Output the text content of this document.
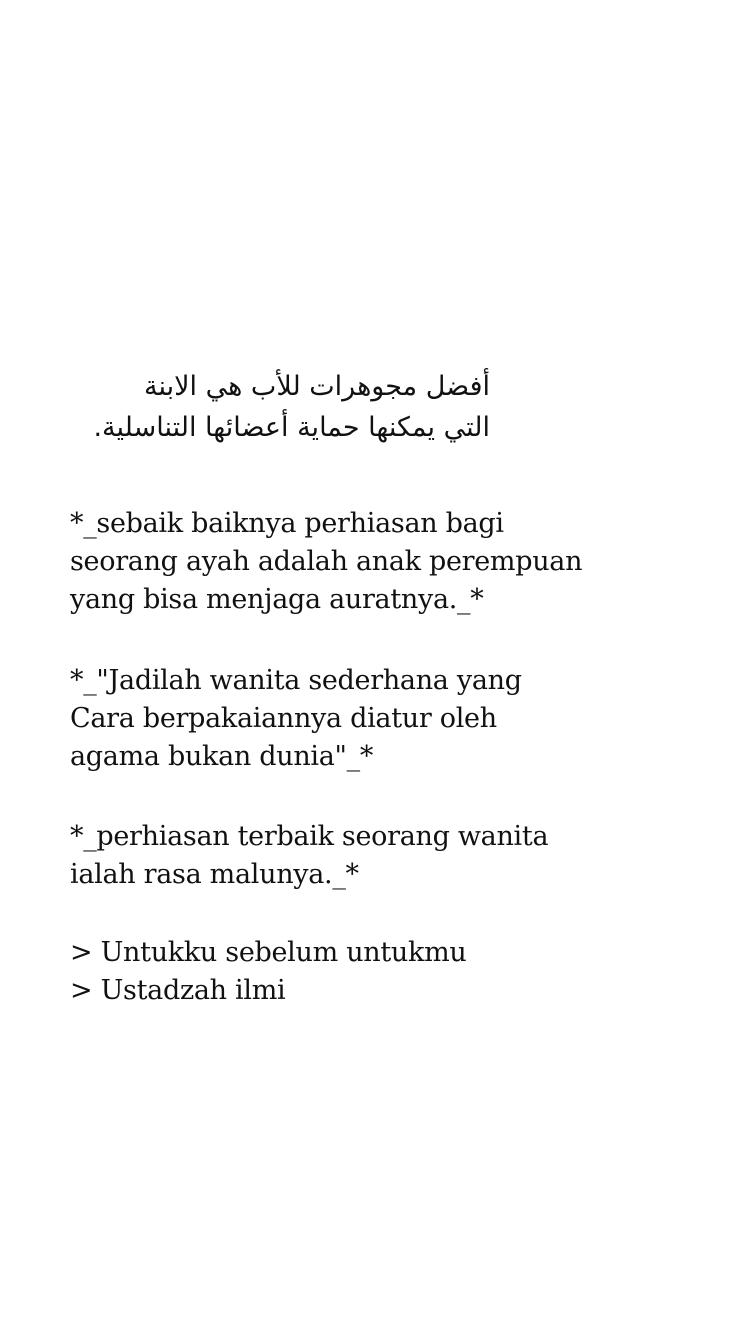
أفضل مجوهرات للأب هي الابنة
التي يمكنها حماية أعضائها التناسلية.
*_sebaik baiknya perhiasan bagi
seorang ayah adalah anak perempuan
yang bisa menjaga auratnya._*
*_"Jadilah wanita sederhana yang
Cara berpakaiannya diatur oleh
agama bukan dunia"_*
*_perhiasan terbaik seorang wanita
ialah rasa malunya._*
> Untukku sebelum untukmu
> Ustadzah ilmi
